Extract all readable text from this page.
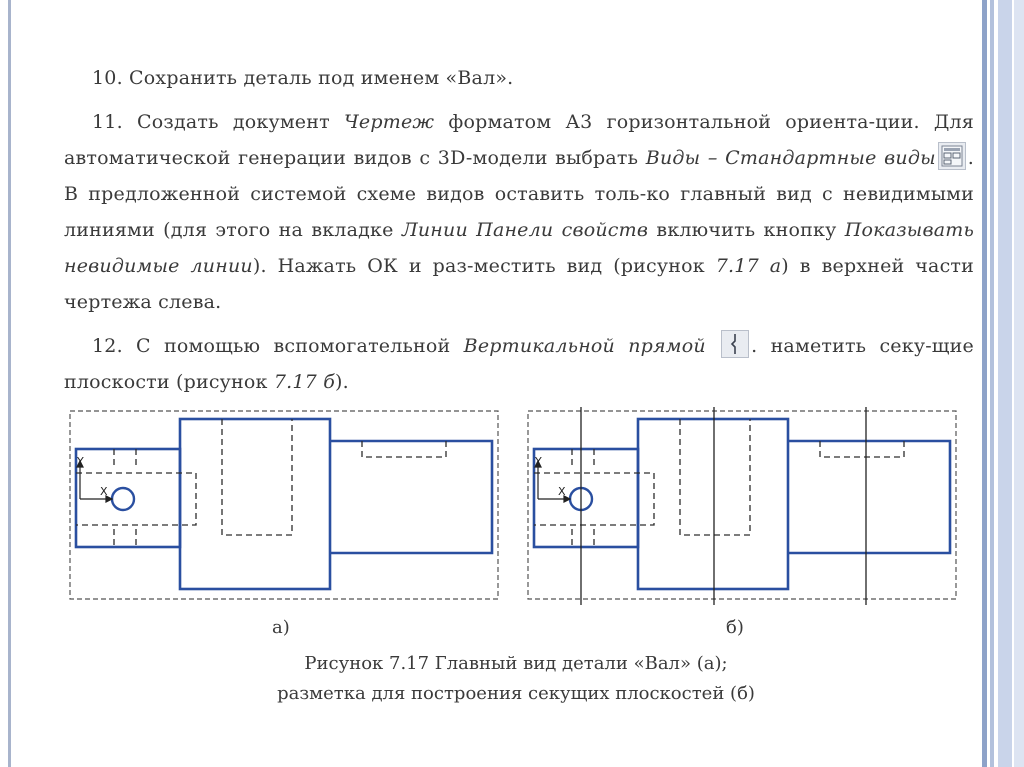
10. Сохранить деталь под именем «Вал».

11. Создать документ Чертеж форматом А3 горизонтальной ориента-ции. Для автоматической генерации видов с 3D-модели выбрать Виды – Стандартные виды . В предложенной системой схеме видов оставить толь-ко главный вид с невидимыми линиями (для этого на вкладке Линии Панели свойств включить кнопку Показывать невидимые линии). Нажать ОК и раз-местить вид (рисунок 7.17 а) в верхней части чертежа слева.

12. С помощью вспомогательной Вертикальной прямой . наметить секу-щие плоскости (рисунок 7.17 б).

Y
X
Y
X
а)	б)
Рисунок 7.17 Главный вид детали «Вал» (а);
разметка для построения секущих плоскостей (б)
